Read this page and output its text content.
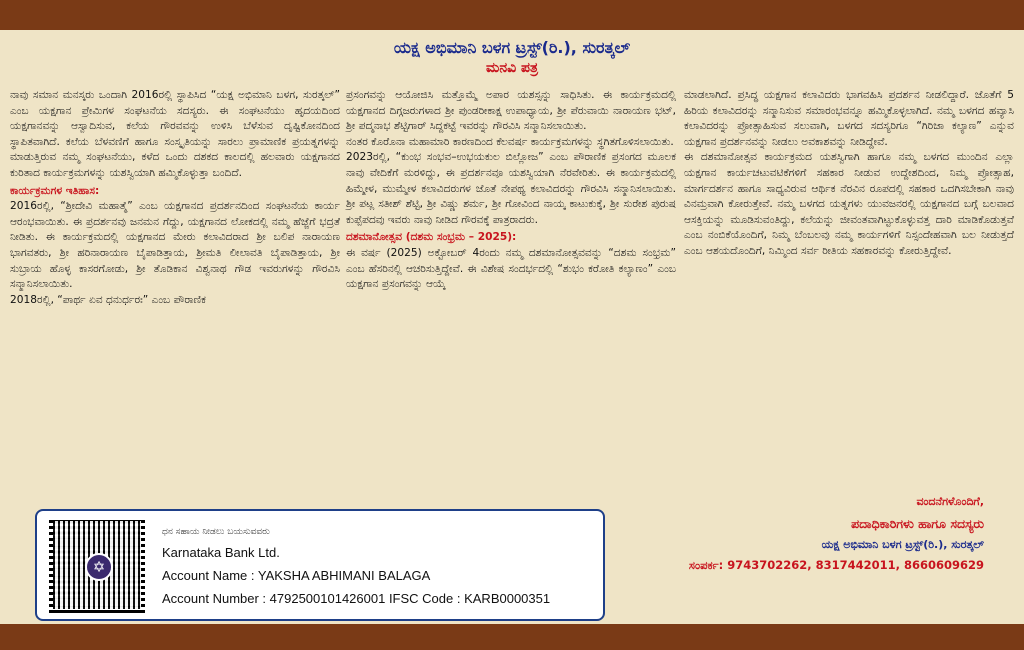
ಯಕ್ಷ ಅಭಿಮಾನಿ ಬಳಗ ಟ್ರಸ್ಟ್(ರಿ.), ಸುರತ್ಕಲ್
ಮನವಿ ಪತ್ರ

ನಾವು ಸಮಾನ ಮನಸ್ಕರು ಒಂದಾಗಿ 2016ರಲ್ಲಿ ಸ್ಥಾಪಿಸಿದ “ಯಕ್ಷ ಅಭಿಮಾನಿ ಬಳಗ, ಸುರತ್ಕಲ್” ಎಂಬ ಯಕ್ಷಗಾನ ಪ್ರೇಮಿಗಳ ಸಂಘಟನೆಯ ಸದಸ್ಯರು. ಈ ಸಂಘಟನೆಯು ಹೃದಯದಿಂದ ಯಕ್ಷಗಾನವನ್ನು ಆಸ್ವಾದಿಸುವ, ಕಲೆಯ ಗೌರವವನ್ನು ಉಳಿಸಿ ಬೆಳೆಸುವ ದೃಷ್ಟಿಕೋನದಿಂದ ಸ್ಥಾಪಿತವಾಗಿದೆ. ಕಲೆಯ ಬೆಳವಣಿಗೆ ಹಾಗೂ ಸಂಸ್ಕೃತಿಯನ್ನು ಸಾರಲು ಪ್ರಾಮಾಣಿಕ ಪ್ರಯತ್ನಗಳನ್ನು ಮಾಡುತ್ತಿರುವ ನಮ್ಮ ಸಂಘಟನೆಯು, ಕಳೆದ ಒಂದು ದಶಕದ ಕಾಲದಲ್ಲಿ ಹಲವಾರು ಯಕ್ಷಗಾನದ ಕುರಿತಾದ ಕಾರ್ಯಕ್ರಮಗಳನ್ನು ಯಶಸ್ವಿಯಾಗಿ ಹಮ್ಮಿಕೊಳ್ಳುತ್ತಾ ಬಂದಿದೆ.

ಕಾರ್ಯಕ್ರಮಗಳ ಇತಿಹಾಸ:

2016ರಲ್ಲಿ, “ಶ್ರೀದೇವಿ ಮಹಾತ್ಮೆ” ಎಂಬ ಯಕ್ಷಗಾನದ ಪ್ರದರ್ಶನದಿಂದ ಸಂಘಟನೆಯ ಕಾರ್ಯ ಆರಂಭವಾಯಿತು. ಈ ಪ್ರದರ್ಶನವು ಜನಮನ ಗೆದ್ದು, ಯಕ್ಷಗಾನದ ಲೋಕದಲ್ಲಿ ನಮ್ಮ ಹೆಜ್ಜೆಗೆ ಭದ್ರತೆ ನೀಡಿತು. ಈ ಕಾರ್ಯಕ್ರಮದಲ್ಲಿ ಯಕ್ಷಗಾನದ ಮೇರು ಕಲಾವಿದರಾದ ಶ್ರೀ ಬಲಿಪ ನಾರಾಯಣ ಭಾಗವತರು, ಶ್ರೀ ಹರಿನಾರಾಯಣ ಬೈಪಾಡಿತ್ತಾಯ, ಶ್ರೀಮತಿ ಲೀಲಾವತಿ ಬೈಪಾಡಿತ್ತಾಯ, ಶ್ರೀ ಸುಬ್ರಾಯ ಹೊಳ್ಳ ಕಾಸರಗೋಡು, ಶ್ರೀ ತೊಡಿಕಾನ ವಿಶ್ವನಾಥ ಗೌಡ ಇವರುಗಳನ್ನು ಗೌರವಿಸಿ ಸನ್ಮಾನಿಸಲಾಯಿತು.

2018ರಲ್ಲಿ, “ಪಾರ್ಥ ಏವ ಧನುರ್ಧರಃ” ಎಂಬ ಪೌರಾಣಿಕ

ಪ್ರಸಂಗವನ್ನು ಆಯೋಜಿಸಿ ಮತ್ತೊಮ್ಮೆ ಅಪಾರ ಯಶಸ್ಸನ್ನು ಸಾಧಿಸಿತು. ಈ ಕಾರ್ಯಕ್ರಮದಲ್ಲಿ ಯಕ್ಷಗಾನದ ದಿಗ್ಗಜರುಗಳಾದ ಶ್ರೀ ಪುಂಡರೀಕಾಕ್ಷ ಉಪಾಧ್ಯಾಯ, ಶ್ರೀ ಪೆರುವಾಯಿ ನಾರಾಯಣ ಭಟ್, ಶ್ರೀ ಪದ್ಮನಾಭ ಶೆಟ್ಟಿಗಾರ್ ಸಿದ್ದಕಟ್ಟೆ ಇವರನ್ನು ಗೌರವಿಸಿ ಸನ್ಮಾನಿಸಲಾಯಿತು.

ನಂತರ ಕೊರೊನಾ ಮಹಾಮಾರಿ ಕಾರಣದಿಂದ ಕೆಲವರ್ಷ ಕಾರ್ಯಕ್ರಮಗಳನ್ನು ಸ್ಥಗಿತಗೊಳಿಸಲಾಯಿತು.

2023ರಲ್ಲಿ, “ಕುಂಭ ಸಂಭವ–ಉಭಯಕುಲ ಬಿಲ್ಲೋಜ” ಎಂಬ ಪೌರಾಣಿಕ ಪ್ರಸಂಗದ ಮೂಲಕ ನಾವು ವೇದಿಕೆಗೆ ಮರಳಿದ್ದು, ಈ ಪ್ರದರ್ಶನವೂ ಯಶಸ್ವಿಯಾಗಿ ನೆರವೇರಿತು. ಈ ಕಾರ್ಯಕ್ರಮದಲ್ಲಿ ಹಿಮ್ಮೇಳ, ಮುಮ್ಮೇಳ ಕಲಾವಿದರುಗಳ ಜೊತೆ ನೇಪಥ್ಯ ಕಲಾವಿದರನ್ನು ಗೌರವಿಸಿ ಸನ್ಮಾನಿಸಲಾಯಿತು. ಶ್ರೀ ಪಟ್ಲ ಸತೀಶ್ ಶೆಟ್ಟಿ, ಶ್ರೀ ವಿಷ್ಣು ಶರ್ಮ, ಶ್ರೀ ಗೋವಿಂದ ನಾಯ್ಕ ಕಾಟುಕುಕ್ಕೆ, ಶ್ರೀ ಸುರೇಶ ಪುರುಷ ಕುಪ್ಪೆಪದವು ಇವರು ನಾವು ನೀಡಿದ ಗೌರವಕ್ಕೆ ಪಾತ್ರರಾದರು.

ದಶಮಾನೋತ್ಸವ (ದಶಮ ಸಂಭ್ರಮ – 2025):

ಈ ವರ್ಷ (2025) ಅಕ್ಟೋಬರ್ 4ರಂದು ನಮ್ಮ ದಶಮಾನೋತ್ಸವವನ್ನು “ದಶಮ ಸಂಭ್ರಮ” ಎಂಬ ಹೆಸರಿನಲ್ಲಿ ಆಚರಿಸುತ್ತಿದ್ದೇವೆ. ಈ ವಿಶೇಷ ಸಂದರ್ಭದಲ್ಲಿ “ಶುಭಂ ಕರೋತಿ ಕಲ್ಯಾಣಂ” ಎಂಬ ಯಕ್ಷಗಾನ ಪ್ರಸಂಗವನ್ನು ಆಯ್ಕೆ

ಮಾಡಲಾಗಿದೆ. ಪ್ರಸಿದ್ಧ ಯಕ್ಷಗಾನ ಕಲಾವಿದರು ಭಾಗವಹಿಸಿ ಪ್ರದರ್ಶನ ನೀಡಲಿದ್ದಾರೆ. ಜೊತೆಗೆ 5 ಹಿರಿಯ ಕಲಾವಿದರನ್ನು ಸನ್ಮಾನಿಸುವ ಸಮಾರಂಭವನ್ನೂ ಹಮ್ಮಿಕೊಳ್ಳಲಾಗಿದೆ. ನಮ್ಮ ಬಳಗದ ಹವ್ಯಾಸಿ ಕಲಾವಿದರನ್ನು ಪ್ರೋತ್ಸಾಹಿಸುವ ಸಲುವಾಗಿ, ಬಳಗದ ಸದಸ್ಯರಿಗೂ “ಗಿರಿಜಾ ಕಲ್ಯಾಣ” ಎನ್ನುವ ಯಕ್ಷಗಾನ ಪ್ರದರ್ಶನವನ್ನು ನೀಡಲು ಅವಕಾಶವನ್ನು ನೀಡಿದ್ದೇವೆ.

ಈ ದಶಮಾನೋತ್ಸವ ಕಾರ್ಯಕ್ರಮದ ಯಶಸ್ವಿಗಾಗಿ ಹಾಗೂ ನಮ್ಮ ಬಳಗದ ಮುಂದಿನ ಎಲ್ಲಾ ಯಕ್ಷಗಾನ ಕಾರ್ಯಚಟುವಟಿಕೆಗಳಿಗೆ ಸಹಕಾರ ನೀಡುವ ಉದ್ದೇಶದಿಂದ, ನಿಮ್ಮ ಪ್ರೋತ್ಸಾಹ, ಮಾರ್ಗದರ್ಶನ ಹಾಗೂ ಸಾಧ್ಯವಿರುವ ಆರ್ಥಿಕ ನೆರವಿನ ರೂಪದಲ್ಲಿ ಸಹಕಾರ ಒದಗಿಸಬೇಕಾಗಿ ನಾವು ವಿನಮ್ರವಾಗಿ ಕೋರುತ್ತೇವೆ. ನಮ್ಮ ಬಳಗದ ಯತ್ನಗಳು ಯುವಜನರಲ್ಲಿ ಯಕ್ಷಗಾನದ ಬಗ್ಗೆ ಬಲವಾದ ಆಸಕ್ತಿಯನ್ನು ಮೂಡಿಸುವಂತಿದ್ದು, ಕಲೆಯನ್ನು ಜೀವಂತವಾಗಿಟ್ಟುಕೊಳ್ಳುವತ್ತ ದಾರಿ ಮಾಡಿಕೊಡುತ್ತವೆ ಎಂಬ ನಂಬಿಕೆಯೊಂದಿಗೆ, ನಿಮ್ಮ ಬೆಂಬಲವು ನಮ್ಮ ಕಾರ್ಯಗಳಿಗೆ ನಿಸ್ಸಂದೇಹವಾಗಿ ಬಲ ನೀಡುತ್ತದೆ ಎಂಬ ಆಶಯದೊಂದಿಗೆ, ನಿಮ್ಮಿಂದ ಸರ್ವ ರೀತಿಯ ಸಹಕಾರವನ್ನು ಕೋರುತ್ತಿದ್ದೇವೆ.

✡
ಧನ ಸಹಾಯ ನೀಡಲು ಬಯಸುವವರು
Karnataka Bank Ltd.
Account Name : YAKSHA ABHIMANI BALAGA
Account Number : 4792500101426001 IFSC Code : KARB0000351
ವಂದನೆಗಳೊಂದಿಗೆ,
ಪದಾಧಿಕಾರಿಗಳು ಹಾಗೂ ಸದಸ್ಯರು
ಯಕ್ಷ ಅಭಿಮಾನಿ ಬಳಗ ಟ್ರಸ್ಟ್(ರಿ.), ಸುರತ್ಕಲ್
ಸಂಪರ್ಕ: 9743702262, 8317442011, 8660609629
